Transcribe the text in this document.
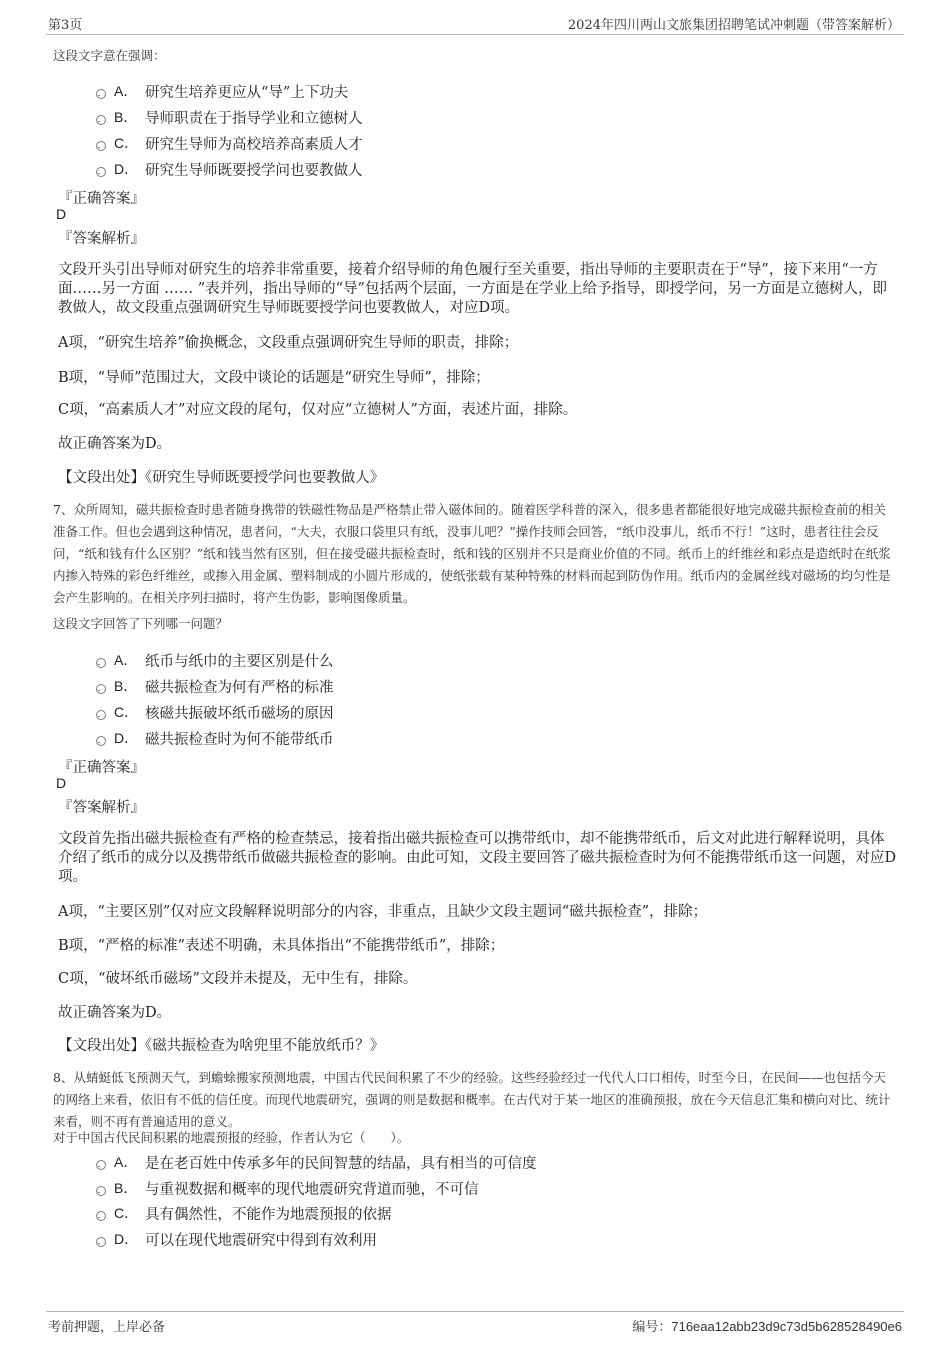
第3页	2024年四川两山文旅集团招聘笔试冲刺题（带答案解析）
这段文字意在强调：
A． 研究生培养更应从“导”上下功夫
B． 导师职责在于指导学业和立德树人
C． 研究生导师为高校培养高素质人才
D． 研究生导师既要授学问也要教做人
『正确答案』
D
『答案解析』
文段开头引出导师对研究生的培养非常重要，接着介绍导师的角色履行至关重要，指出导师的主要职责在于“导”，接下来用“一方面……另一方面 …… ”表并列，指出导师的“导”包括两个层面，一方面是在学业上给予指导，即授学问，另一方面是立德树人，即教做人，故文段重点强调研究生导师既要授学问也要教做人，对应D项。
A项，“研究生培养”偷换概念，文段重点强调研究生导师的职责，排除；
B项，“导师”范围过大，文段中谈论的话题是“研究生导师”，排除；
C项，“高素质人才”对应文段的尾句，仅对应“立德树人”方面，表述片面，排除。
故正确答案为D。
【文段出处】《研究生导师既要授学问也要教做人》
7、众所周知，磁共振检查时患者随身携带的铁磁性物品是严格禁止带入磁体间的。随着医学科普的深入，很多患者都能很好地完成磁共振检查前的相关准备工作。但也会遇到这种情况，患者问，“大夫，衣服口袋里只有纸，没事儿吧？”操作技师会回答，“纸巾没事儿，纸币不行！”这时，患者往往会反问，“纸和钱有什么区别？”纸和钱当然有区别，但在接受磁共振检查时，纸和钱的区别并不只是商业价值的不同。纸币上的纤维丝和彩点是造纸时在纸浆内掺入特殊的彩色纤维丝，或掺入用金属、塑料制成的小圆片形成的，使纸张载有某种特殊的材料而起到防伪作用。纸币内的金属丝线对磁场的均匀性是会产生影响的。在相关序列扫描时，将产生伪影，影响图像质量。
这段文字回答了下列哪一问题？
A． 纸币与纸巾的主要区别是什么
B． 磁共振检查为何有严格的标准
C． 核磁共振破坏纸币磁场的原因
D． 磁共振检查时为何不能带纸币
『正确答案』
D
『答案解析』
文段首先指出磁共振检查有严格的检查禁忌，接着指出磁共振检查可以携带纸巾，却不能携带纸币，后文对此进行解释说明，具体介绍了纸币的成分以及携带纸币做磁共振检查的影响。由此可知，文段主要回答了磁共振检查时为何不能携带纸币这一问题，对应D项。
A项，“主要区别”仅对应文段解释说明部分的内容，非重点，且缺少文段主题词“磁共振检查”，排除；
B项，“严格的标准”表述不明确，未具体指出“不能携带纸币”，排除；
C项，“破坏纸币磁场”文段并未提及，无中生有，排除。
故正确答案为D。
【文段出处】《磁共振检查为啥兜里不能放纸币？》
8、从蜻蜓低飞预测天气，到蟾蜍搬家预测地震，中国古代民间积累了不少的经验。这些经验经过一代代人口口相传，时至今日，在民间——也包括今天的网络上来看，依旧有不低的信任度。而现代地震研究，强调的则是数据和概率。在古代对于某一地区的准确预报，放在今天信息汇集和横向对比、统计来看，则不再有普遍适用的意义。
对于中国古代民间积累的地震预报的经验，作者认为它（　　）。
A． 是在老百姓中传承多年的民间智慧的结晶，具有相当的可信度
B． 与重视数据和概率的现代地震研究背道而驰，不可信
C． 具有偶然性，不能作为地震预报的依据
D． 可以在现代地震研究中得到有效利用
考前押题，上岸必备	编号：716eaa12abb23d9c73d5b628528490e6
